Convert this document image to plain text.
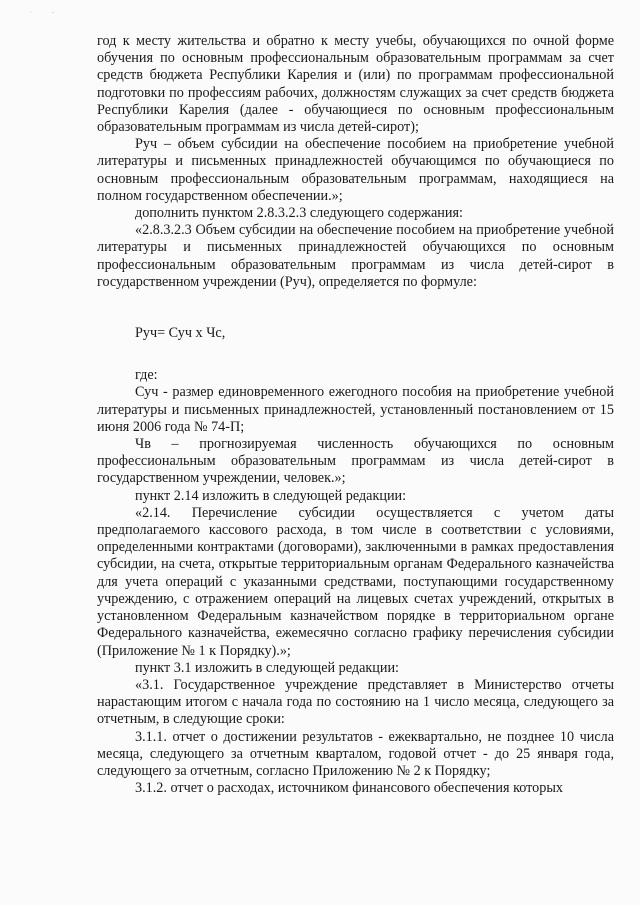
·	-

год к месту жительства и обратно к месту учебы, обучающихся по очной форме обучения по основным профессиональным образовательным программам за счет средств бюджета Республики Карелия и (или) по программам профессиональной подготовки по профессиям рабочих, должностям служащих за счет средств бюджета Республики Карелия (далее - обучающиеся по основным профессиональным образовательным программам из числа детей-сирот);

Руч – объем субсидии на обеспечение пособием на приобретение учебной литературы и письменных принадлежностей обучающимся по обучающиеся по основным профессиональным образовательным программам, находящиеся на полном государственном обеспечении.»;

дополнить пунктом 2.8.3.2.3 следующего содержания:

«2.8.3.2.3 Объем субсидии на обеспечение пособием на приобретение учебной литературы и письменных принадлежностей обучающихся по основным профессиональным образовательным программам из числа детей-сирот в государственном учреждении (Руч), определяется по формуле:

Руч= Суч х Чс,

где:

Суч - размер единовременного ежегодного пособия на приобретение учебной литературы и письменных принадлежностей, установленный постановлением от 15 июня 2006 года № 74-П;

Чв – прогнозируемая численность обучающихся по основным профессиональным образовательным программам из числа детей-сирот в государственном учреждении, человек.»;

пункт 2.14 изложить в следующей редакции:

«2.14. Перечисление субсидии осуществляется с учетом даты предполагаемого кассового расхода, в том числе в соответствии с условиями, определенными контрактами (договорами), заключенными в рамках предоставления субсидии, на счета, открытые территориальным органам Федерального казначейства для учета операций с указанными средствами, поступающими государственному учреждению, с отражением операций на лицевых счетах учреждений, открытых в установленном Федеральным казначейством порядке в территориальном органе Федерального казначейства, ежемесячно согласно графику перечисления субсидии (Приложение № 1 к Порядку).»;

пункт 3.1 изложить в следующей редакции:

«3.1. Государственное учреждение представляет в Министерство отчеты нарастающим итогом с начала года по состоянию на 1 число месяца, следующего за отчетным, в следующие сроки:

3.1.1. отчет о достижении результатов - ежеквартально, не позднее 10 числа месяца, следующего за отчетным кварталом, годовой отчет - до 25 января года, следующего за отчетным, согласно Приложению № 2 к Порядку;

3.1.2. отчет о расходах, источником финансового обеспечения которых
